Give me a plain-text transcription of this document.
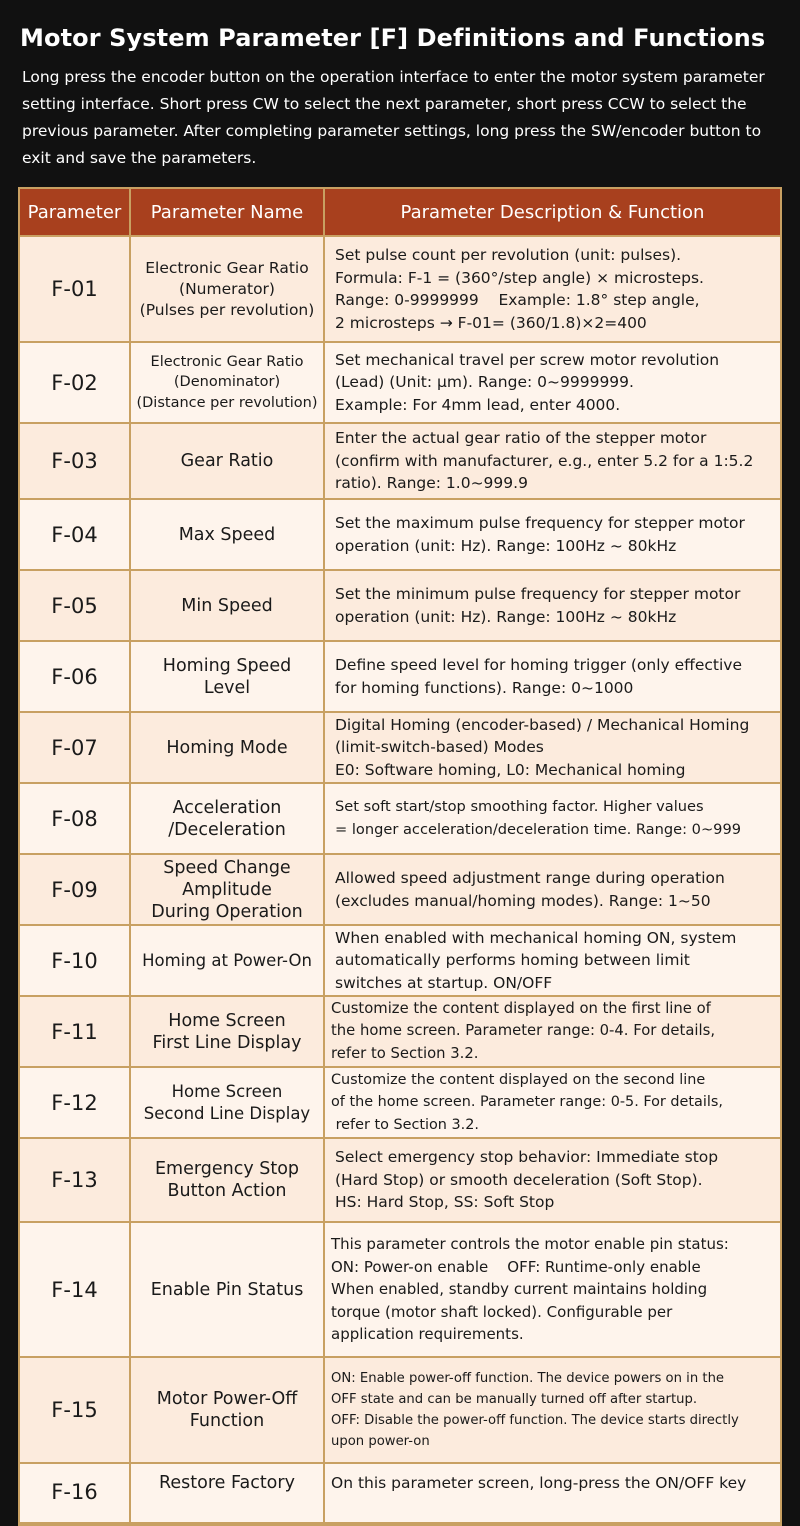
Motor System Parameter [F] Definitions and Functions
Long press the encoder button on the operation interface to enter the motor system parameter setting interface. Short press CW to select the next parameter, short press CCW to select the previous parameter. After completing parameter settings, long press the SW/encoder button to exit and save the parameters.
Parameter	Parameter Name	Parameter Description & Function
F-01	Electronic Gear Ratio
(Numerator)
(Pulses per revolution)	Set pulse count per revolution (unit: pulses).
Formula: F-1 = (360°/step angle) × microsteps.
Range: 0-9999999    Example: 1.8° step angle,
2 microsteps → F-01= (360/1.8)×2=400

F-02	Electronic Gear Ratio
(Denominator)
(Distance per revolution)	Set mechanical travel per screw motor revolution
(Lead) (Unit: μm). Range: 0~9999999.
Example: For 4mm lead, enter 4000.

F-03	Gear Ratio	Enter the actual gear ratio of the stepper motor
(confirm with manufacturer, e.g., enter 5.2 for a 1:5.2
ratio). Range: 1.0~999.9

F-04	Max Speed	Set the maximum pulse frequency for stepper motor
operation (unit: Hz). Range: 100Hz ~ 80kHz

F-05	Min Speed	Set the minimum pulse frequency for stepper motor
operation (unit: Hz). Range: 100Hz ~ 80kHz

F-06	Homing Speed
Level	Define speed level for homing trigger (only effective
for homing functions). Range: 0~1000

F-07	Homing Mode	Digital Homing (encoder-based) / Mechanical Homing
(limit-switch-based) Modes
E0: Software homing, L0: Mechanical homing

F-08	Acceleration
/Deceleration	Set soft start/stop smoothing factor. Higher values
= longer acceleration/deceleration time. Range: 0~999

F-09	Speed Change
Amplitude
During Operation	Allowed speed adjustment range during operation
(excludes manual/homing modes). Range: 1~50

F-10	Homing at Power-On	When enabled with mechanical homing ON, system
automatically performs homing between limit
switches at startup. ON/OFF

F-11	Home Screen
First Line Display	Customize the content displayed on the first line of
the home screen. Parameter range: 0-4. For details,
refer to Section 3.2.

F-12	Home Screen
Second Line Display	Customize the content displayed on the second line
of the home screen. Parameter range: 0-5. For details,
refer to Section 3.2.

F-13	Emergency Stop
Button Action	Select emergency stop behavior: Immediate stop
(Hard Stop) or smooth deceleration (Soft Stop).
HS: Hard Stop, SS: Soft Stop

F-14	Enable Pin Status	This parameter controls the motor enable pin status:
ON: Power-on enable    OFF: Runtime-only enable
When enabled, standby current maintains holding
torque (motor shaft locked). Configurable per
application requirements.

F-15	Motor Power-Off
Function	ON: Enable power-off function. The device powers on in the
OFF state and can be manually turned off after startup.
OFF: Disable the power-off function. The device starts directly
upon power-on

F-16	Restore Factory	On this parameter screen, long-press the ON/OFF key
